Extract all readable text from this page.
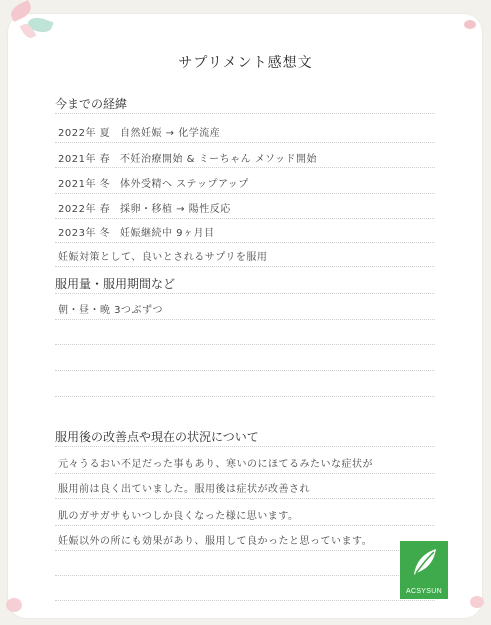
サプリメント感想文
今までの経緯
2022年 夏 自然妊娠 → 化学流産
2021年 春 不妊治療開始 & ミーちゃん メソッド開始
2021年 冬 体外受精へ ステップアップ
2022年 春 採卵・移植 → 陽性反応
2023年 冬 妊娠継続中 9ヶ月目
妊娠対策として、良いとされるサプリを服用
服用量・服用期間など
朝・昼・晩 3つぶずつ
服用後の改善点や現在の状況について
元々うるおい不足だった事もあり、寒いのにほてるみたいな症状が
服用前は良く出ていました。服用後は症状が改善され
肌のガサガサもいつしか良くなった様に思います。
妊娠以外の所にも効果があり、服用して良かったと思っています。
ACSYSUN
